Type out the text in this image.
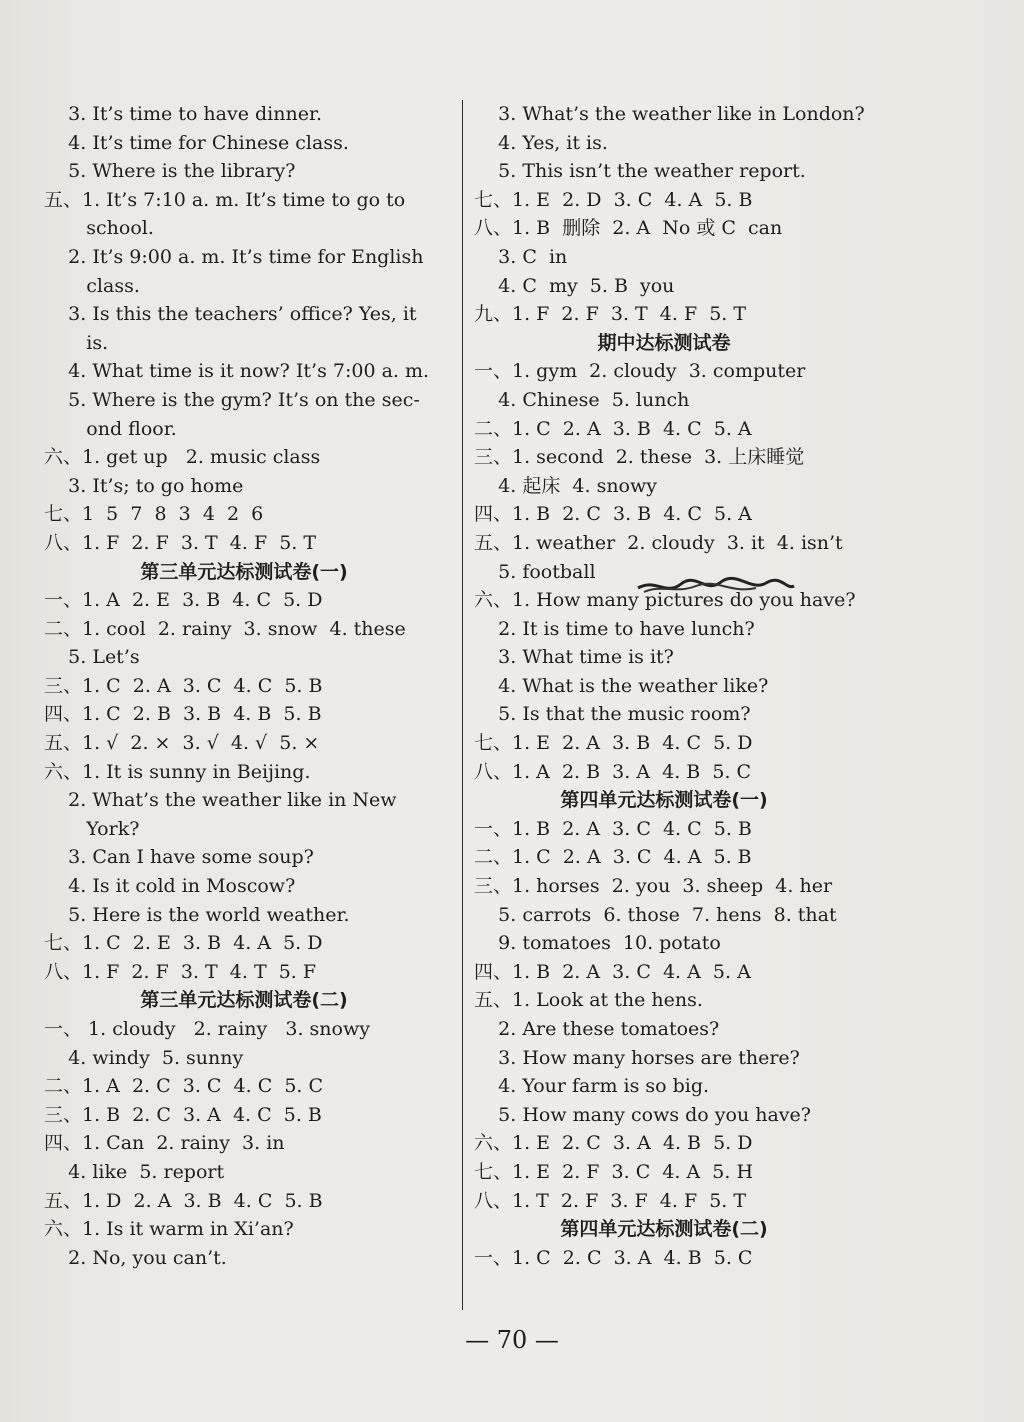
3. It’s time to have dinner.
4. It’s time for Chinese class.
5. Where is the library?
五、1. It’s 7:10 a. m. It’s time to go to
school.
2. It’s 9:00 a. m. It’s time for English
class.
3. Is this the teachers’ office? Yes, it
is.
4. What time is it now? It’s 7:00 a. m.
5. Where is the gym? It’s on the sec-
ond floor.
六、1. get up   2. music class
3. It’s; to go home
七、1  5  7  8  3  4  2  6
八、1. F  2. F  3. T  4. F  5. T
第三单元达标测试卷(一)
一、1. A  2. E  3. B  4. C  5. D
二、1. cool  2. rainy  3. snow  4. these
5. Let’s
三、1. C  2. A  3. C  4. C  5. B
四、1. C  2. B  3. B  4. B  5. B
五、1. √  2. ×  3. √  4. √  5. ×
六、1. It is sunny in Beijing.
2. What’s the weather like in New
York?
3. Can I have some soup?
4. Is it cold in Moscow?
5. Here is the world weather.
七、1. C  2. E  3. B  4. A  5. D
八、1. F  2. F  3. T  4. T  5. F
第三单元达标测试卷(二)
一、 1. cloudy   2. rainy   3. snowy
4. windy  5. sunny
二、1. A  2. C  3. C  4. C  5. C
三、1. B  2. C  3. A  4. C  5. B
四、1. Can  2. rainy  3. in
4. like  5. report
五、1. D  2. A  3. B  4. C  5. B
六、1. Is it warm in Xi’an?
2. No, you can’t.
3. What’s the weather like in London?
4. Yes, it is.
5. This isn’t the weather report.
七、1. E  2. D  3. C  4. A  5. B
八、1. B  删除  2. A  No 或 C  can
3. C  in
4. C  my  5. B  you
九、1. F  2. F  3. T  4. F  5. T
期中达标测试卷
一、1. gym  2. cloudy  3. computer
4. Chinese  5. lunch
二、1. C  2. A  3. B  4. C  5. A
三、1. second  2. these  3. 上床睡觉
4. 起床  4. snowy
四、1. B  2. C  3. B  4. C  5. A
五、1. weather  2. cloudy  3. it  4. isn’t
5. football
六、1. How many pictures do you have?
2. It is time to have lunch?
3. What time is it?
4. What is the weather like?
5. Is that the music room?
七、1. E  2. A  3. B  4. C  5. D
八、1. A  2. B  3. A  4. B  5. C
第四单元达标测试卷(一)
一、1. B  2. A  3. C  4. C  5. B
二、1. C  2. A  3. C  4. A  5. B
三、1. horses  2. you  3. sheep  4. her
5. carrots  6. those  7. hens  8. that
9. tomatoes  10. potato
四、1. B  2. A  3. C  4. A  5. A
五、1. Look at the hens.
2. Are these tomatoes?
3. How many horses are there?
4. Your farm is so big.
5. How many cows do you have?
六、1. E  2. C  3. A  4. B  5. D
七、1. E  2. F  3. C  4. A  5. H
八、1. T  2. F  3. F  4. F  5. T
第四单元达标测试卷(二)
一、1. C  2. C  3. A  4. B  5. C
— 70 —
